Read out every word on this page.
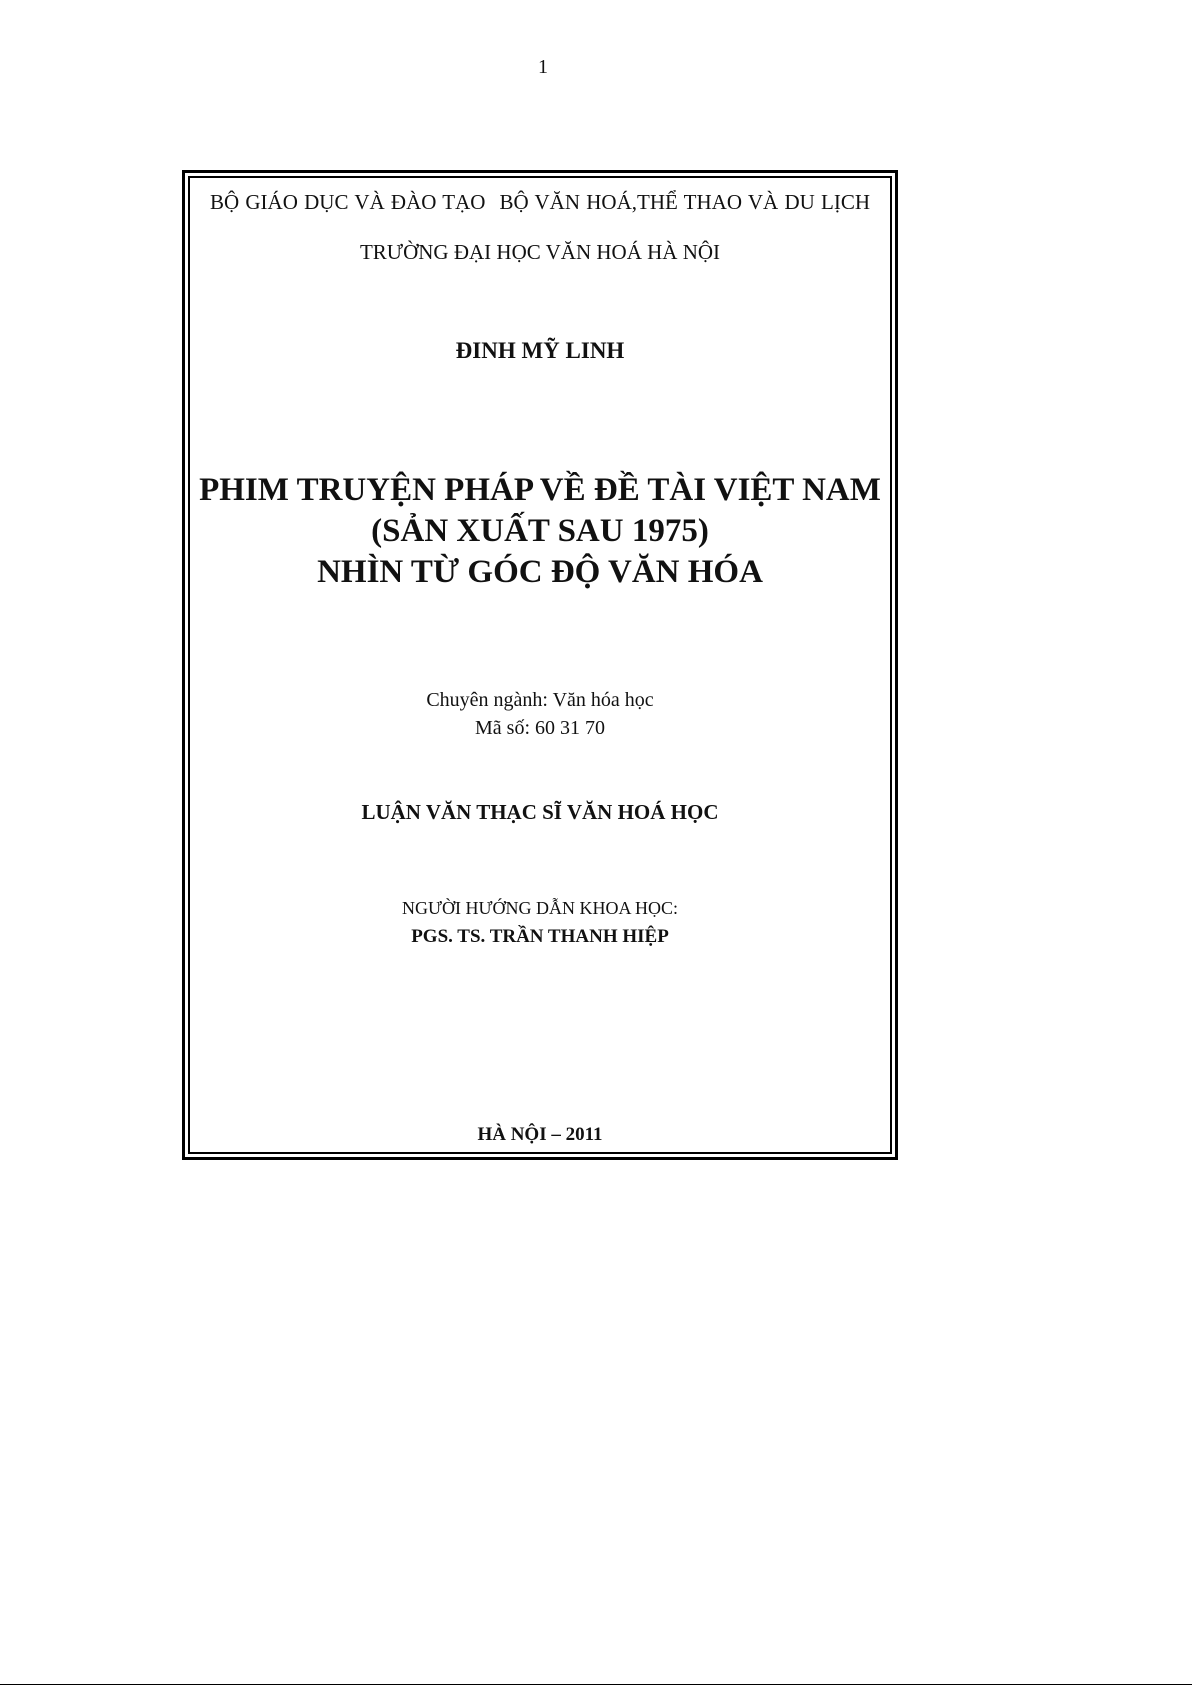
1
BỘ GIÁO DỤC VÀ ĐÀO TẠO BỘ VĂN HOÁ,THỂ THAO VÀ DU LỊCH
TRƯỜNG ĐẠI HỌC VĂN HOÁ HÀ NỘI
ĐINH MỸ LINH
PHIM TRUYỆN PHÁP VỀ ĐỀ TÀI VIỆT NAM
(SẢN XUẤT SAU 1975)
NHÌN TỪ GÓC ĐỘ VĂN HÓA
Chuyên ngành: Văn hóa học
Mã số: 60 31 70
LUẬN VĂN THẠC SĨ VĂN HOÁ HỌC
NGƯỜI HƯỚNG DẪN KHOA HỌC:
PGS. TS. TRẦN THANH HIỆP
HÀ NỘI – 2011
